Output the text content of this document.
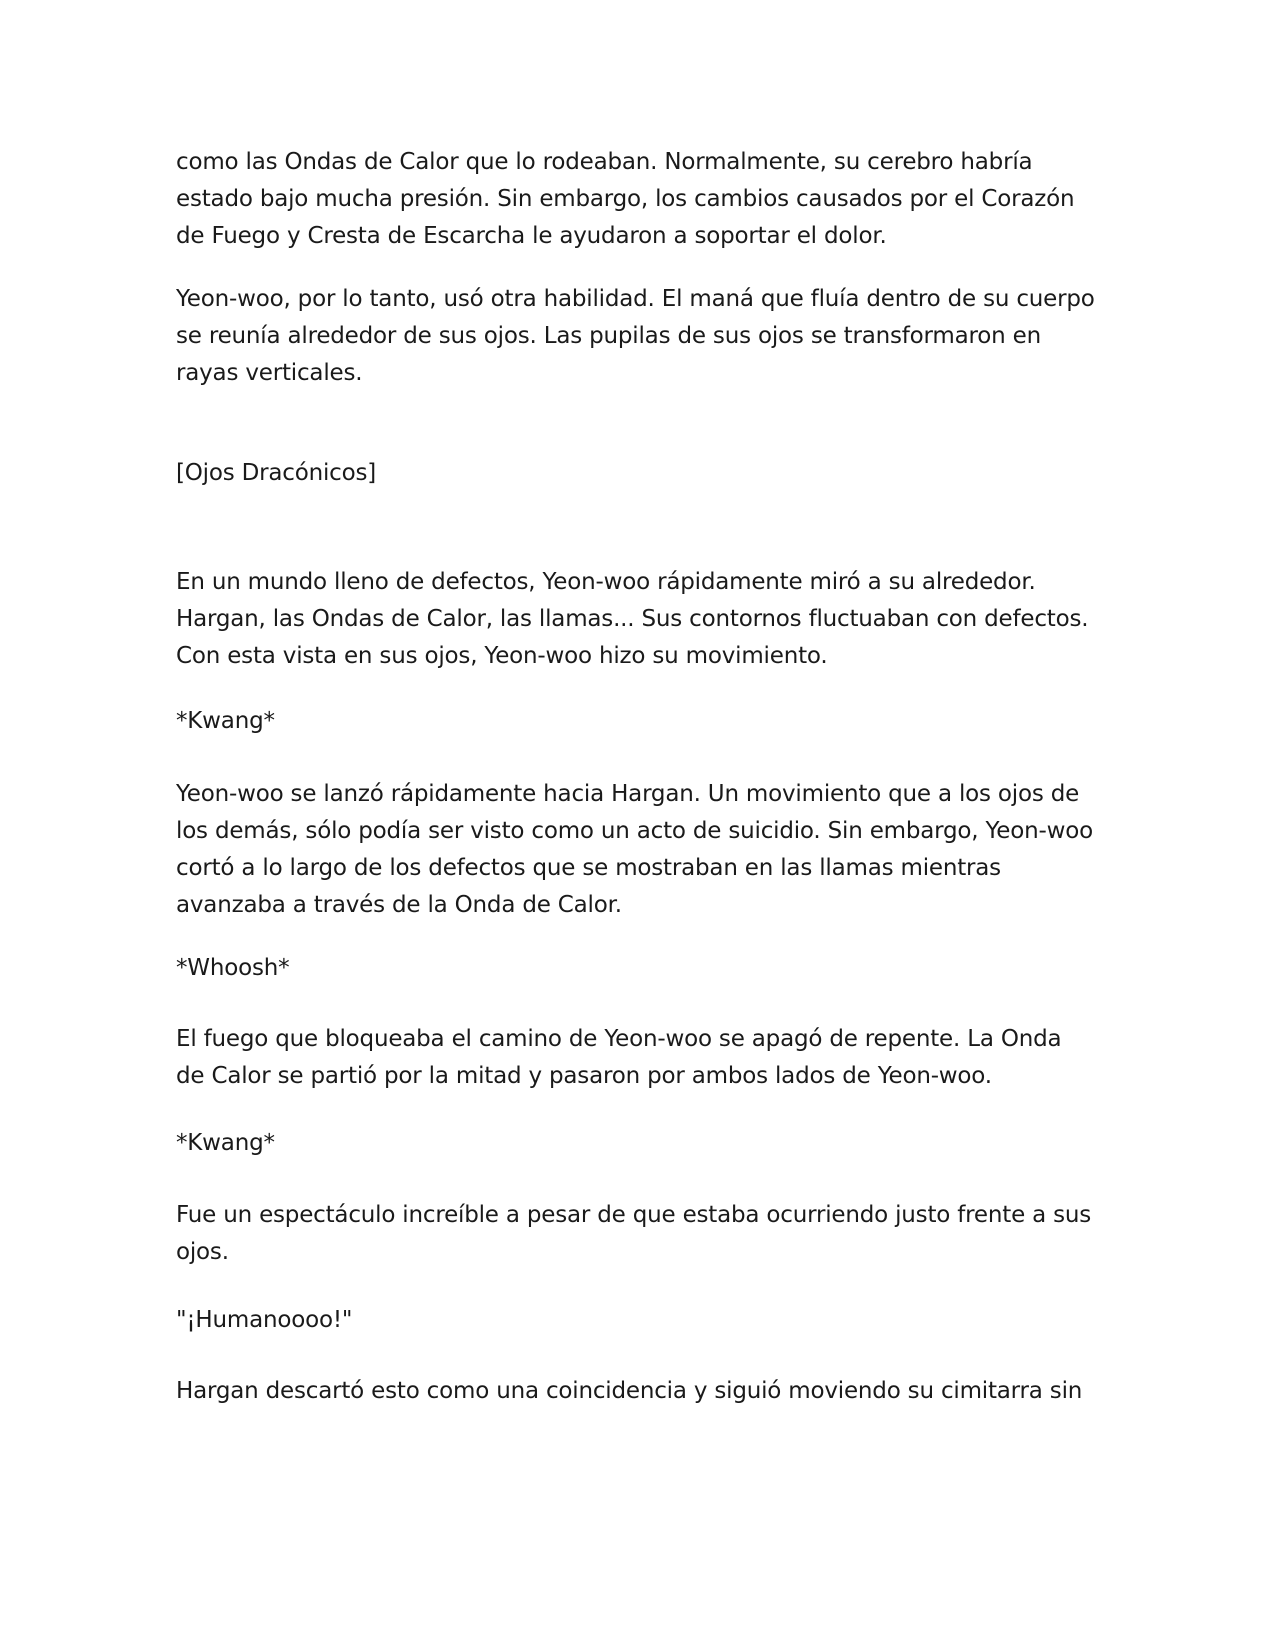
como las Ondas de Calor que lo rodeaban. Normalmente, su cerebro habría estado bajo mucha presión. Sin embargo, los cambios causados por el Corazón de Fuego y Cresta de Escarcha le ayudaron a soportar el dolor.

Yeon-woo, por lo tanto, usó otra habilidad. El maná que fluía dentro de su cuerpo se reunía alrededor de sus ojos. Las pupilas de sus ojos se transformaron en rayas verticales.

[Ojos Dracónicos]

En un mundo lleno de defectos, Yeon-woo rápidamente miró a su alrededor. Hargan, las Ondas de Calor, las llamas... Sus contornos fluctuaban con defectos. Con esta vista en sus ojos, Yeon-woo hizo su movimiento.

*Kwang*

Yeon-woo se lanzó rápidamente hacia Hargan. Un movimiento que a los ojos de los demás, sólo podía ser visto como un acto de suicidio. Sin embargo, Yeon-woo cortó a lo largo de los defectos que se mostraban en las llamas mientras avanzaba a través de la Onda de Calor.

*Whoosh*

El fuego que bloqueaba el camino de Yeon-woo se apagó de repente. La Onda de Calor se partió por la mitad y pasaron por ambos lados de Yeon-woo.

*Kwang*

Fue un espectáculo increíble a pesar de que estaba ocurriendo justo frente a sus ojos.

"¡Humanoooo!"

Hargan descartó esto como una coincidencia y siguió moviendo su cimitarra sin
